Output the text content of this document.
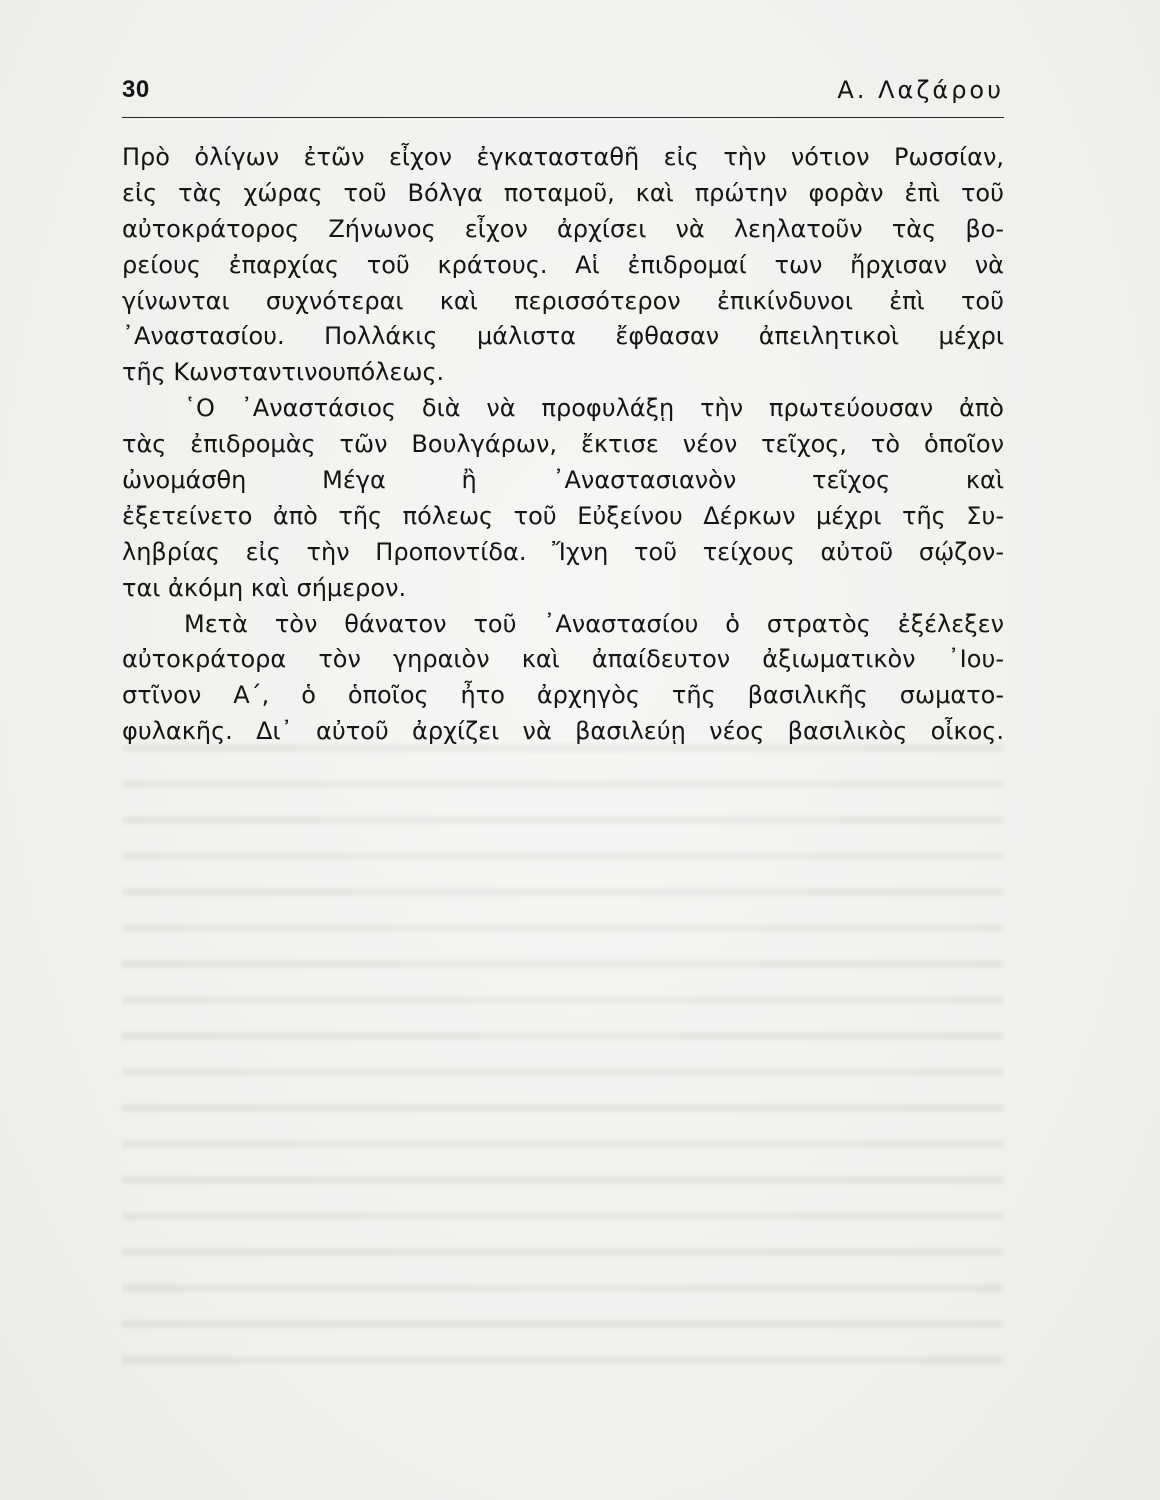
30	Α. Λαζάρου
Πρὸ ὀλίγων ἐτῶν εἶχον ἐγκατασταθῆ εἰς τὴν νότιον Ρωσσίαν,
εἰς τὰς χώρας τοῦ Βόλγα ποταμοῦ, καὶ πρώτην φορὰν ἐπὶ τοῦ
αὐτοκράτορος Ζήνωνος εἶχον ἀρχίσει νὰ λεηλατοῦν τὰς βο-
ρείους ἐπαρχίας τοῦ κράτους. Αἱ ἐπιδρομαί των ἤρχισαν νὰ
γίνωνται συχνότεραι καὶ περισσότερον ἐπικίνδυνοι ἐπὶ τοῦ
᾿Αναστασίου. Πολλάκις μάλιστα ἔφθασαν ἀπειλητικοὶ μέχρι
τῆς Κωνσταντινουπόλεως.
῾Ο ᾿Αναστάσιος διὰ νὰ προφυλάξῃ τὴν πρωτεύουσαν ἀπὸ
τὰς ἐπιδρομὰς τῶν Βουλγάρων, ἔκτισε νέον τεῖχος, τὸ ὁποῖον
ὠνομάσθη Μέγα ἢ ᾿Αναστασιανὸν τεῖχος καὶ
ἐξετείνετο ἀπὸ τῆς πόλεως τοῦ Εὐξείνου Δέρκων μέχρι τῆς Συ-
ληβρίας εἰς τὴν Προποντίδα. Ἴχνη τοῦ τείχους αὐτοῦ σῴζον-
ται ἀκόμη καὶ σήμερον.
Μετὰ τὸν θάνατον τοῦ ᾿Αναστασίου ὁ στρατὸς ἐξέλεξεν
αὐτοκράτορα τὸν γηραιὸν καὶ ἀπαίδευτον ἀξιωματικὸν ᾿Ιου-
στῖνον Α΄, ὁ ὁποῖος ἦτο ἀρχηγὸς τῆς βασιλικῆς σωματο-
φυλακῆς. Δι᾿ αὐτοῦ ἀρχίζει νὰ βασιλεύῃ νέος βασιλικὸς οἶκος.
